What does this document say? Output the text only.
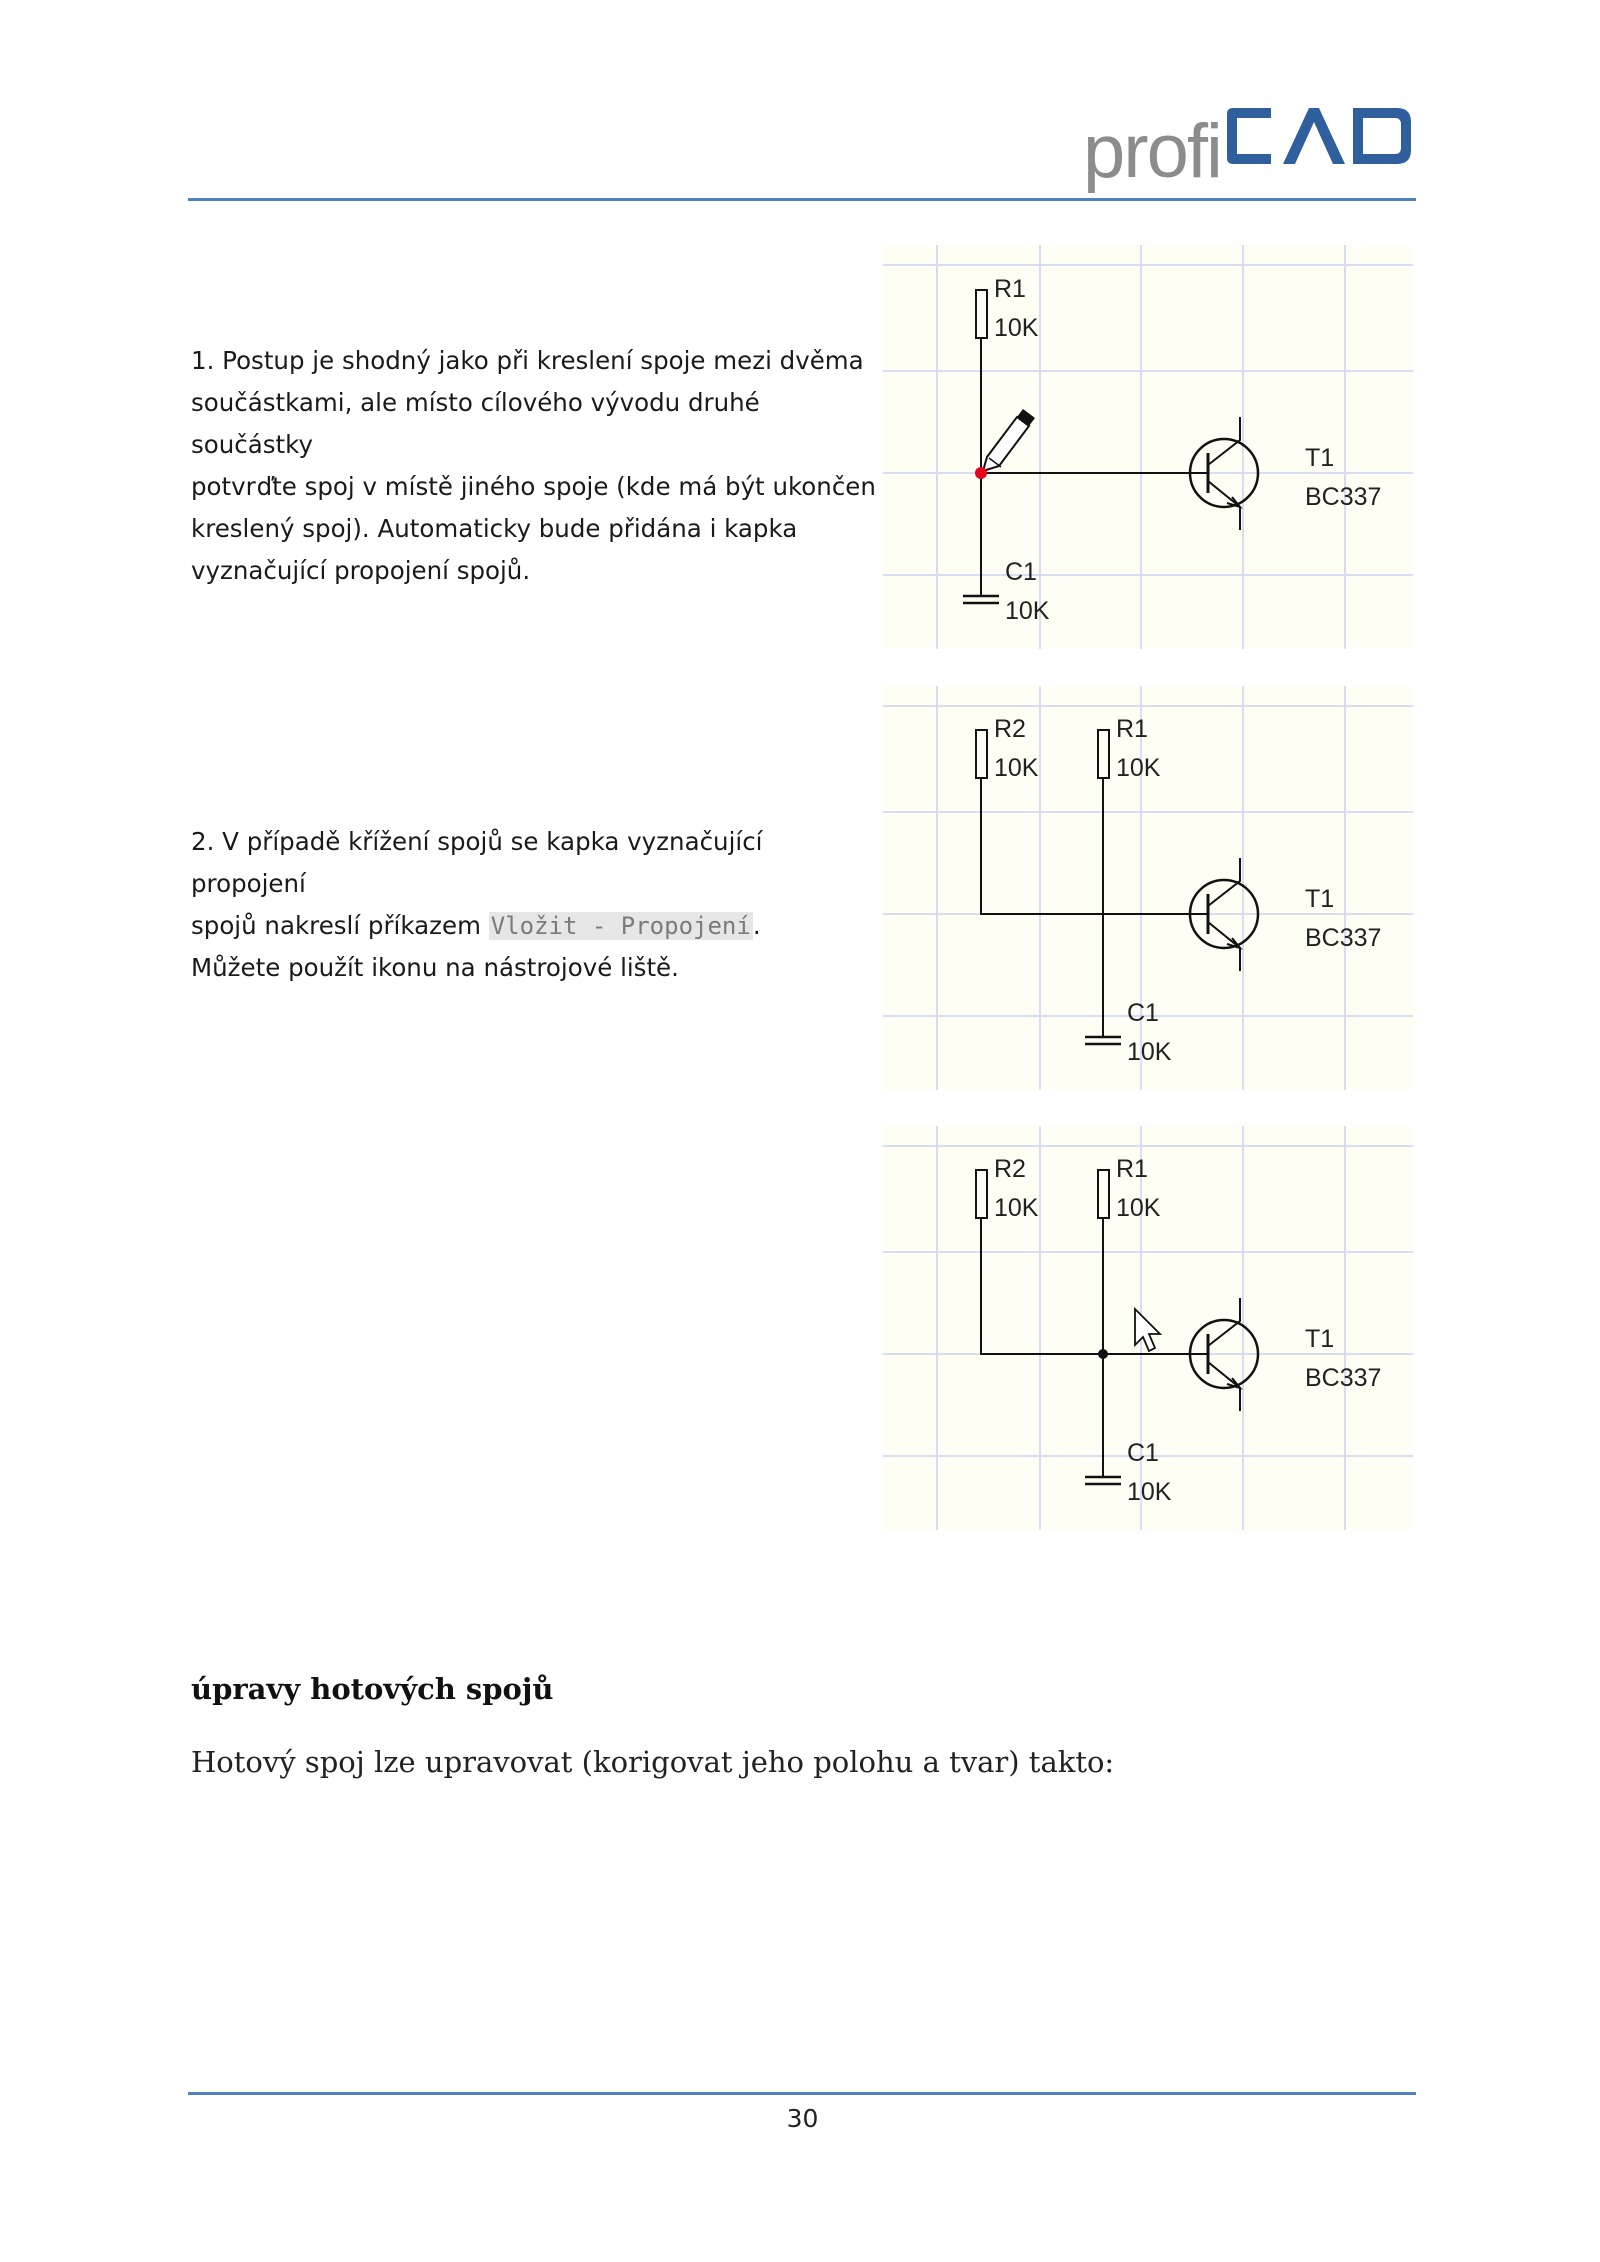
profi
1. Postup je shodný jako při kreslení spoje mezi dvěma
součástkami, ale místo cílového vývodu druhé součástky
potvrďte spoj v místě jiného spoje (kde má být ukončen
kreslený spoj). Automaticky bude přidána i kapka
vyznačující propojení spojů.
2. V případě křížení spojů se kapka vyznačující propojení
spojů nakreslí příkazem Vložit - Propojení.
Můžete použít ikonu na nástrojové liště.
R1
10K
T1
BC337
C1
10K
R2
10K
R1
10K
T1
BC337
C1
10K
R2
10K
R1
10K
T1
BC337
C1
10K
úpravy hotových spojů
Hotový spoj lze upravovat (korigovat jeho polohu a tvar) takto:
30
